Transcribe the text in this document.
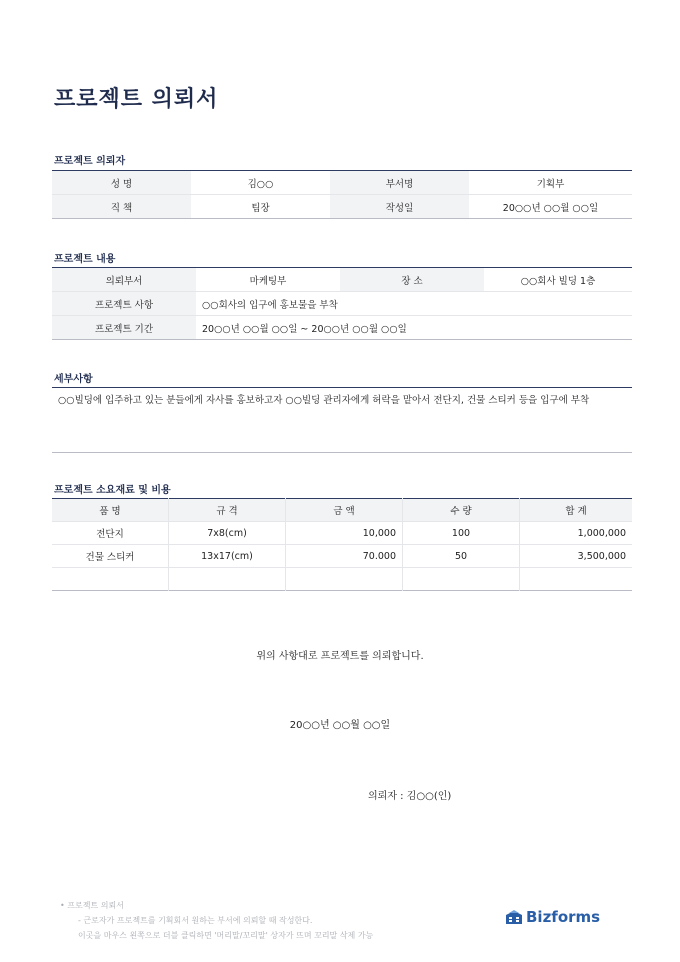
프로젝트 의뢰서
프로젝트 의뢰자
성 명	김○○	부서명	기획부
직 책	팀장	작성일	20○○년 ○○월 ○○일
프로젝트 내용
의뢰부서	마케팅부	장 소	○○회사 빌딩 1층
프로젝트 사항	○○회사의 입구에 홍보물을 부착		
프로젝트 기간	20○○년 ○○월 ○○일 ~ 20○○년 ○○월 ○○일		
세부사항

○○빌딩에 입주하고 있는 분들에게 자사를 홍보하고자 ○○빌딩 관리자에게 허락을 맡아서 전단지, 건물 스티커 등을 입구에 부착

프로젝트 소요재료 및 비용
품 명	규 격	금 액	수 량	합 계
전단지	7x8(cm)	10,000	100	1,000,000
건물 스티커	13x17(cm)	70.000	50	3,500,000

위의 사항대로 프로젝트를 의뢰합니다.
20○○년 ○○월 ○○일
의뢰자 : 김○○(인)
• 프로젝트 의뢰서
- 근로자가 프로젝트를 기획회서 원하는 부서에 의뢰할 때 작성한다.
이곳을 마우스 왼쪽으로 더블 클릭하면 '머리말/꼬리말' 상자가 뜨며 꼬리말 삭제 가능
Bizforms
